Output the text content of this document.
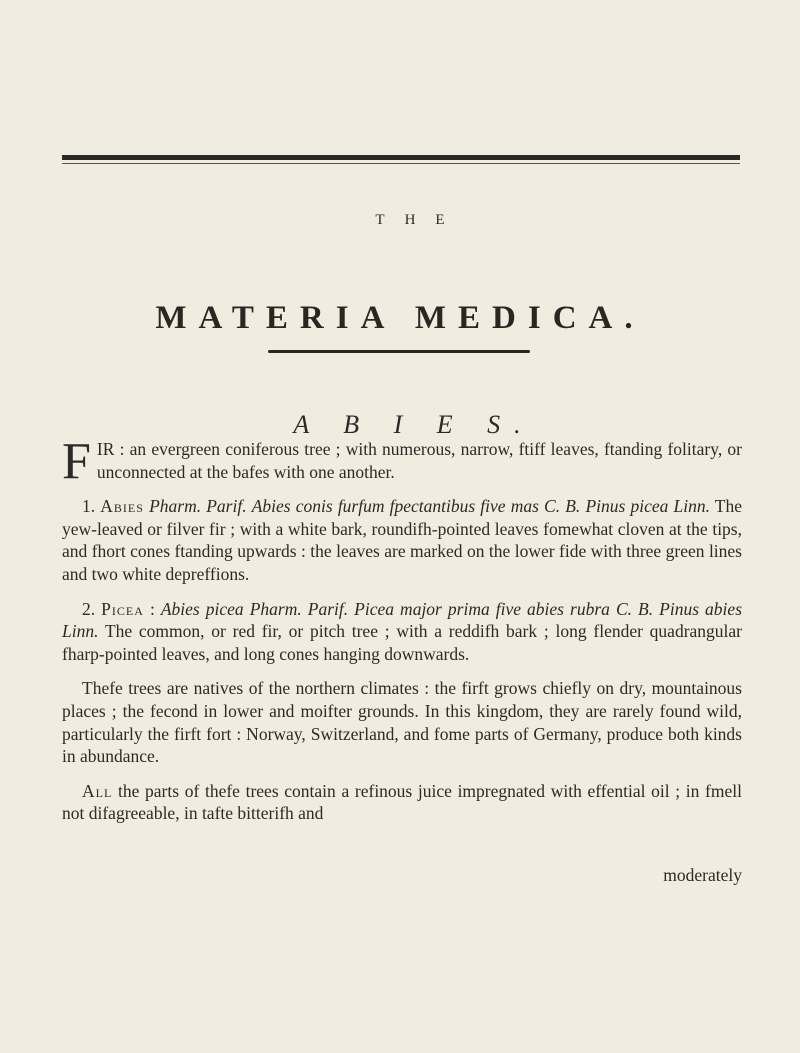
THE
MATERIA MEDICA.
A B I E S.

FIR : an evergreen coniferous tree ; with numerous, narrow, ftiff leaves, ftanding folitary, or unconnected at the bafes with one another.

1. Abies Pharm. Parif. Abies conis furfum fpectantibus five mas C. B. Pinus picea Linn. The yew-leaved or filver fir ; with a white bark, roundifh-pointed leaves fomewhat cloven at the tips, and fhort cones ftanding upwards : the leaves are marked on the lower fide with three green lines and two white depreffions.

2. Picea : Abies picea Pharm. Parif. Picea major prima five abies rubra C. B. Pinus abies Linn. The common, or red fir, or pitch tree ; with a reddifh bark ; long flender quadrangular fharp-pointed leaves, and long cones hanging downwards.

Thefe trees are natives of the northern climates : the firft grows chiefly on dry, mountainous places ; the fecond in lower and moifter grounds. In this kingdom, they are rarely found wild, particularly the firft fort : Norway, Switzerland, and fome parts of Germany, produce both kinds in abundance.

All the parts of thefe trees contain a refinous juice impregnated with effential oil ; in fmell not difagreeable, in tafte bitterifh and

moderately
